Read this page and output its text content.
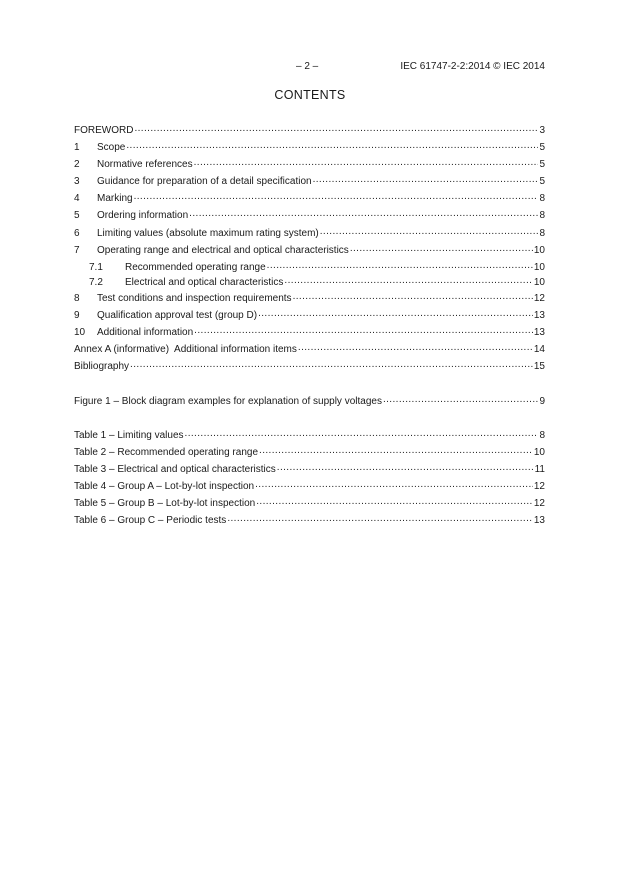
– 2 –	IEC 61747-2-2:2014 © IEC 2014
CONTENTS
FOREWORD .....	3
1	Scope .....	5
2	Normative references .....	5
3	Guidance for preparation of a detail specification .....	5
4	Marking .....	8
5	Ordering information .....	8
6	Limiting values (absolute maximum rating system) .....	8
7	Operating range and electrical and optical characteristics .....	10
7.1	Recommended operating range .....	10
7.2	Electrical and optical characteristics .....	10
8	Test conditions and inspection requirements .....	12
9	Qualification approval test (group D) .....	13
10	Additional information .....	13
Annex A (informative)  Additional information items .....	14
Bibliography .....	15
Figure 1 – Block diagram examples for explanation of supply voltages .....	9
Table 1 – Limiting values .....	8
Table 2 – Recommended operating range .....	10
Table 3 – Electrical and optical characteristics .....	11
Table 4 – Group A – Lot-by-lot inspection .....	12
Table 5 – Group B – Lot-by-lot inspection .....	12
Table 6 – Group C – Periodic tests .....	13
